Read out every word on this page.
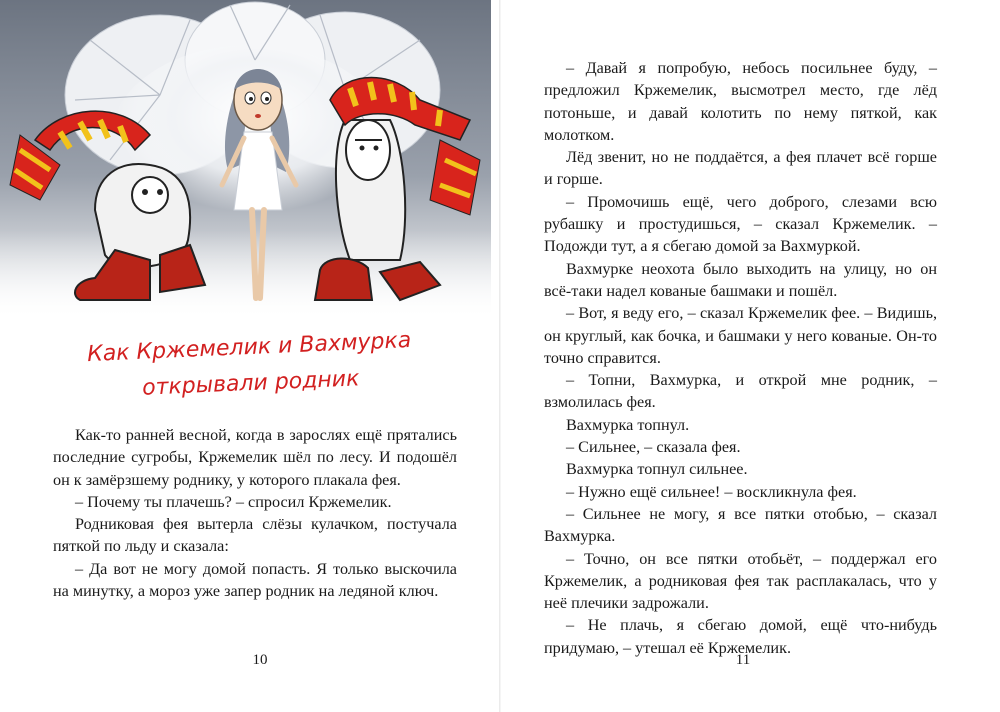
Как Кржемелик и Вахмурка
открывали родник

Как-то ранней весной, когда в зарослях ещё прятались последние сугробы, Кржемелик шёл по лесу. И подошёл он к замёрзшему роднику, у которого плакала фея.

– Почему ты плачешь? – спросил Кржемелик.

Родниковая фея вытерла слёзы кулачком, постучала пяткой по льду и сказала:

– Да вот не могу домой попасть. Я только выскочила на минутку, а мороз уже запер родник на ледяной ключ.

10

– Давай я попробую, небось посильнее буду, – предложил Кржемелик, высмотрел место, где лёд потоньше, и давай колотить по нему пяткой, как молотком.

Лёд звенит, но не поддаётся, а фея плачет всё горше и горше.

– Промочишь ещё, чего доброго, слезами всю рубашку и простудишься, – сказал Кржемелик. – Подожди тут, а я сбегаю домой за Вахмуркой.

Вахмурке неохота было выходить на улицу, но он всё-таки надел кованые башмаки и пошёл.

– Вот, я веду его, – сказал Кржемелик фее. – Видишь, он круглый, как бочка, и башмаки у него кованые. Он-то точно справится.

– Топни, Вахмурка, и открой мне родник, – взмолилась фея.

Вахмурка топнул.

– Сильнее, – сказала фея.

Вахмурка топнул сильнее.

– Нужно ещё сильнее! – воскликнула фея.

– Сильнее не могу, я все пятки отобью, – сказал Вахмурка.

– Точно, он все пятки отобьёт, – поддержал его Кржемелик, а родниковая фея так расплакалась, что у неё плечики задрожали.

– Не плачь, я сбегаю домой, ещё что-нибудь придумаю, – утешал её Кржемелик.

11
